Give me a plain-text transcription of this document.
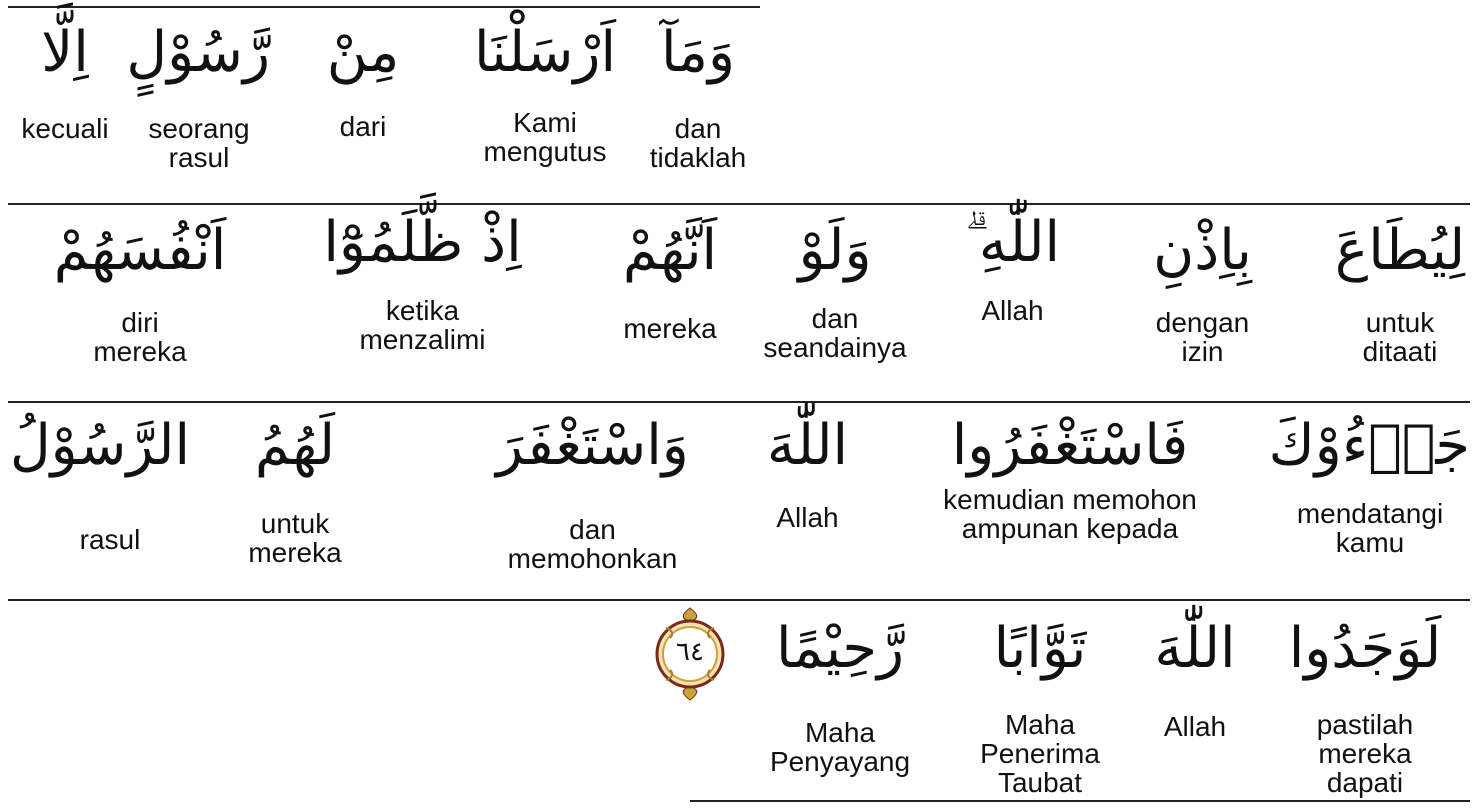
وَمَآ
dan
tidaklah
اَرْسَلْنَا
Kami
mengutus
مِنْ
dari
رَّسُوْلٍ
seorang
rasul
اِلَّا
kecuali
لِيُطَاعَ
untuk
ditaati
بِاِذْنِ
dengan
izin
اللّٰهِ ۗ
Allah
وَلَوْ
dan
seandainya
اَنَّهُمْ
mereka
اِذْ ظَّلَمُوْٓا
ketika
menzalimi
اَنْفُسَهُمْ
diri
mereka
جَاۤءُوْكَ
mendatangi
kamu
فَاسْتَغْفَرُوا
kemudian memohon
ampunan kepada
اللّٰهَ
Allah
وَاسْتَغْفَرَ
dan
memohonkan
لَهُمُ
untuk
mereka
الرَّسُوْلُ
rasul
لَوَجَدُوا
pastilah
mereka
dapati
اللّٰهَ
Allah
تَوَّابًا
Maha
Penerima
Taubat
رَّحِيْمًا
Maha
Penyayang
٦٤
